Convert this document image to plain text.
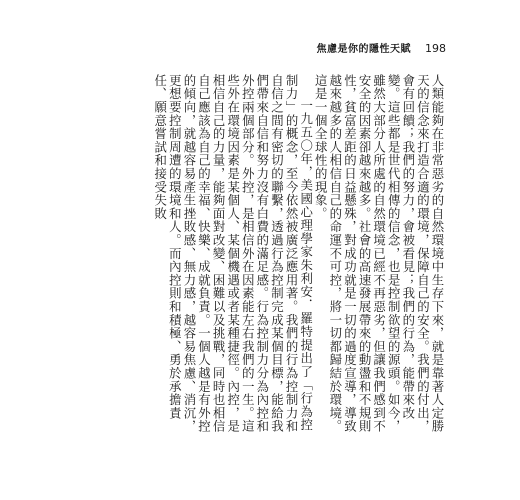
焦慮是你的隱性天賦 198

人類能夠在非常惡劣的自然環境中生存下來，就是靠著人定勝天的信念來打造合適的環境，保障自己的安全。我們的付出，會有回饋；我們的努力，會被看見；我們的行為，能帶來改變。這些都是世代相傳的信念，也是控制欲望的源頭。如今，雖然大部分人所處的自然環境已經不再惡劣，但讓我們感到不安全的因素卻越來越多。社會的高速發展帶來的動盪和不規則性，貧富差距的日益懸殊，對成功就是一切的過度宣導，導致越來越多的人相信自己的命運不可控，將一切都歸結於環境。這是一個全球性的現象。

一九五〇年，美國心理學家朱利安．羅特提出了「行為控制力」的概念，至今依然被廣泛應用著。我們的行為控制力和自信之間有密切的聯繫，透過行為控制完成某個目標，能給我們帶來自信和努力沒有白費的滿足感。行為控制力分為內控和外控兩個部分。外控，是相信外在因素能左右我們的一生。這些外在環境因素是某個人、某個機遇或者某種捷徑。內控，是相信自己的力量，能夠面對改變、困難以及挑戰，同時也相信自己應該為自己的幸福、快樂、成就負責。一個人越是有外控的傾向，就越容易產生挫敗感、無力感，越容易焦慮、消沉，更想要控制周遭的環境和人。而內控則和積極、勇於承擔責任、願意嘗試和接受失敗
